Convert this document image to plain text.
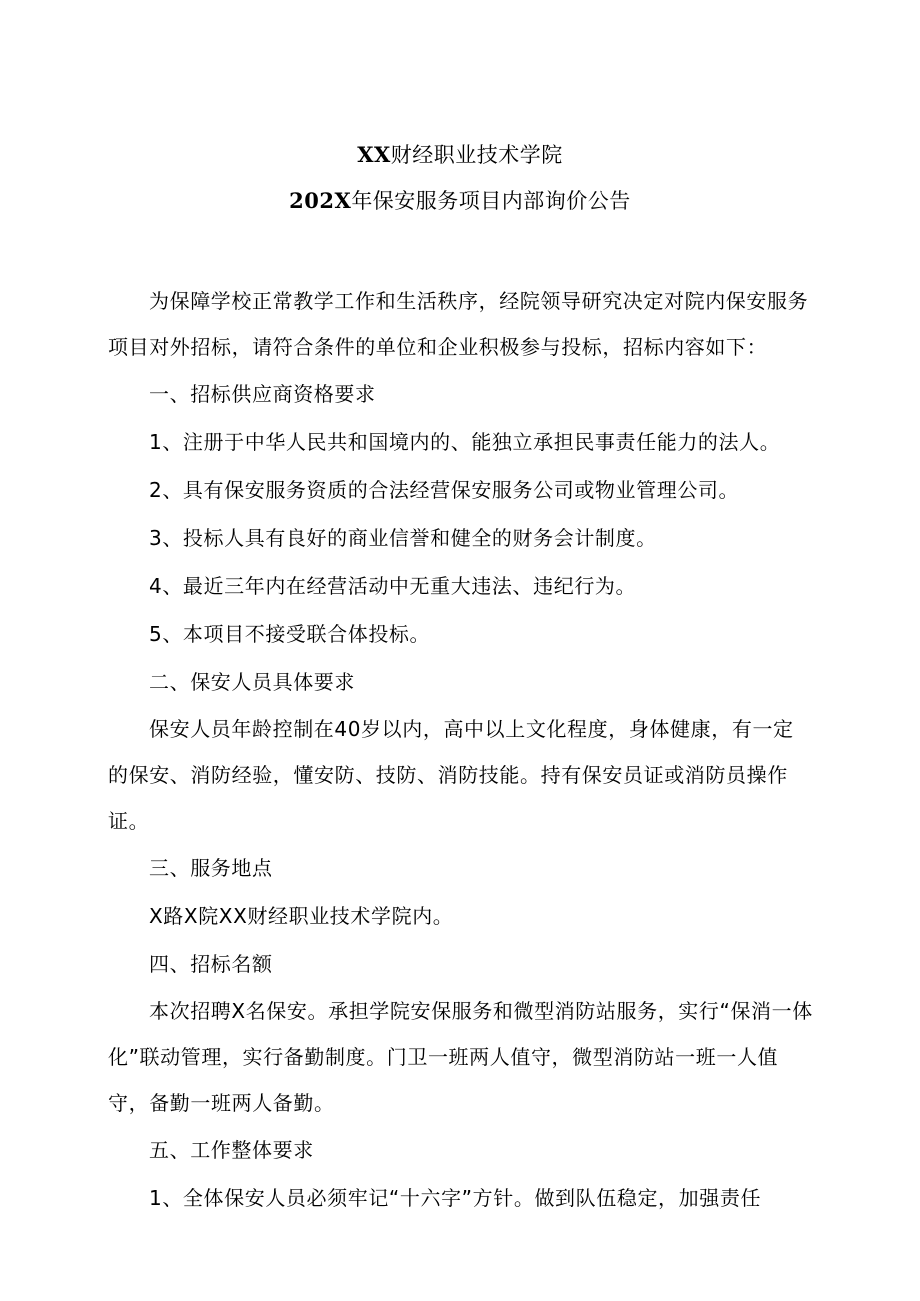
XX财经职业技术学院
202X年保安服务项目内部询价公告

为保障学校正常教学工作和生活秩序，经院领导研究决定对院内保安服务项目对外招标，请符合条件的单位和企业积极参与投标，招标内容如下：

一、招标供应商资格要求

1、注册于中华人民共和国境内的、能独立承担民事责任能力的法人。

2、具有保安服务资质的合法经营保安服务公司或物业管理公司。

3、投标人具有良好的商业信誉和健全的财务会计制度。

4、最近三年内在经营活动中无重大违法、违纪行为。

5、本项目不接受联合体投标。

二、保安人员具体要求

保安人员年龄控制在40岁以内，高中以上文化程度，身体健康，有一定的保安、消防经验，懂安防、技防、消防技能。持有保安员证或消防员操作证。

三、服务地点

X路X院XX财经职业技术学院内。

四、招标名额

本次招聘X名保安。承担学院安保服务和微型消防站服务，实行“保消一体化”联动管理，实行备勤制度。门卫一班两人值守，微型消防站一班一人值守，备勤一班两人备勤。

五、工作整体要求

1、全体保安人员必须牢记“十六字”方针。做到队伍稳定，加强责任
